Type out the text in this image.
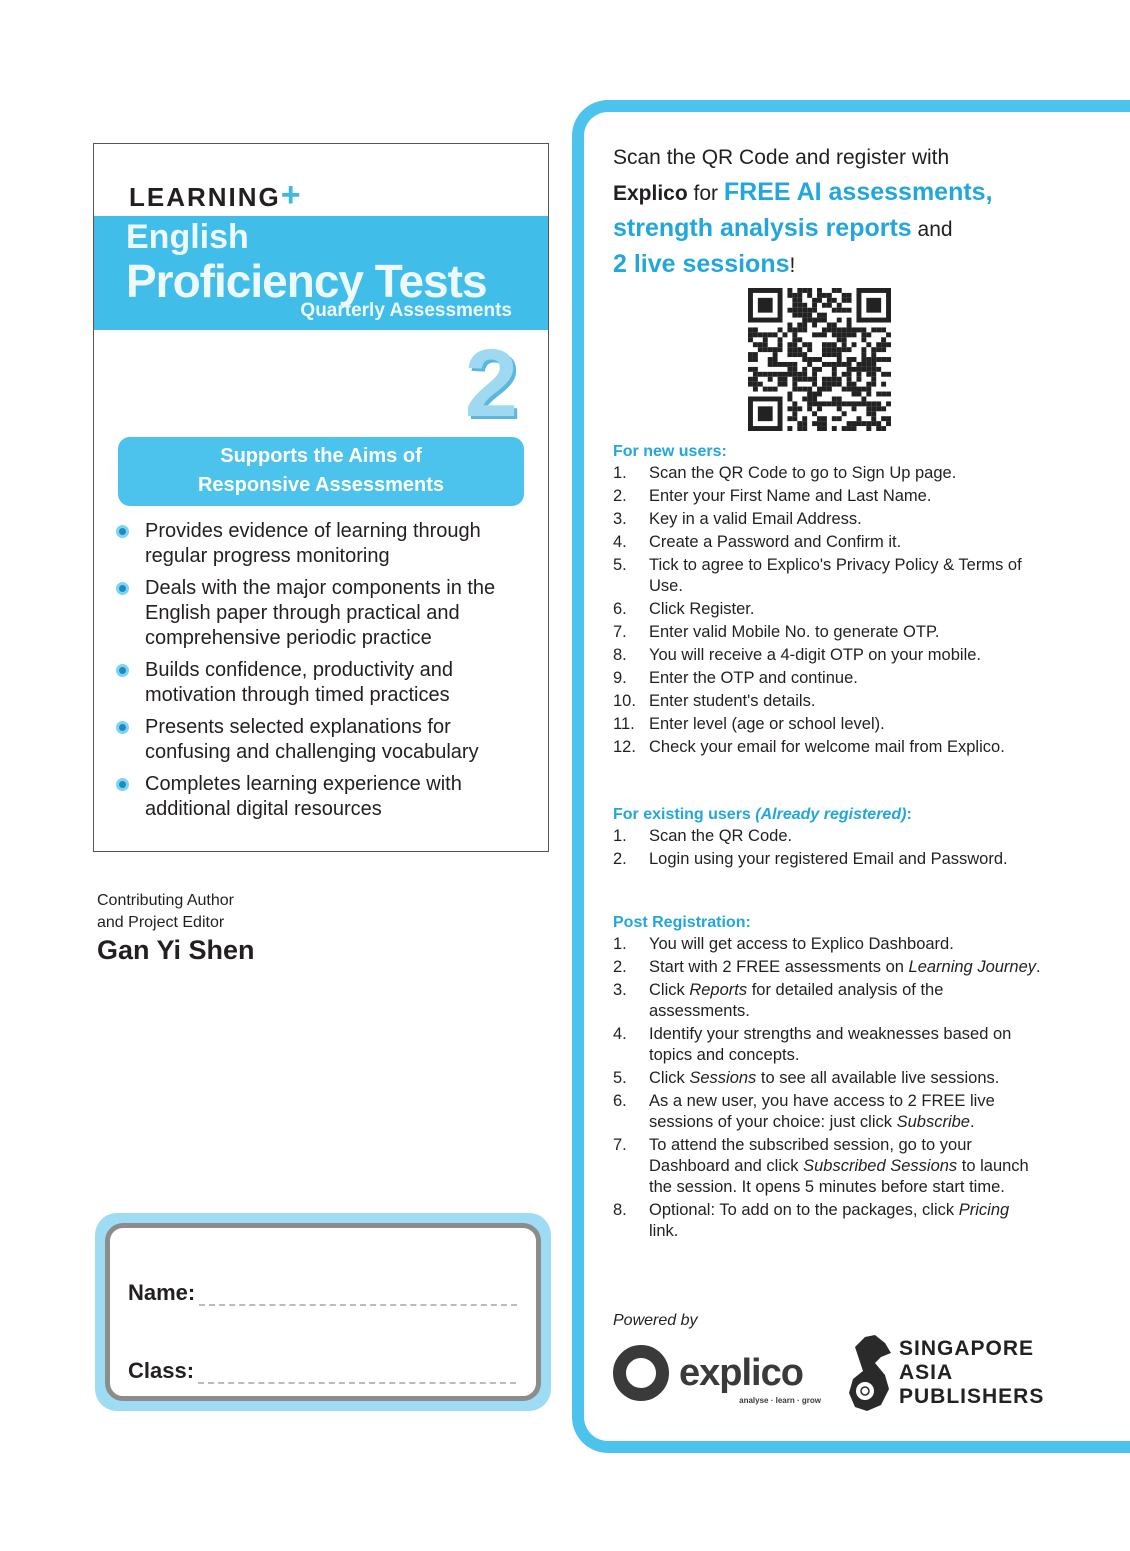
LEARNING+
English
Proficiency Tests
Quarterly Assessments
2
Supports the Aims of
Responsive Assessments
Provides evidence of learning through regular progress monitoring
Deals with the major components in the English paper through practical and comprehensive periodic practice
Builds confidence, productivity and motivation through timed practices
Presents selected explanations for confusing and challenging vocabulary
Completes learning experience with additional digital resources
Contributing Author
and Project Editor
Gan Yi Shen
Name:
Class:
Scan the QR Code and register with
Explico for FREE AI assessments,
strength analysis reports and
2 live sessions!
For new users:
1. Scan the QR Code to go to Sign Up page.
2. Enter your First Name and Last Name.
3. Key in a valid Email Address.
4. Create a Password and Confirm it.
5. Tick to agree to Explico's Privacy Policy & Terms of Use.
6. Click Register.
7. Enter valid Mobile No. to generate OTP.
8. You will receive a 4-digit OTP on your mobile.
9. Enter the OTP and continue.
10. Enter student's details.
11. Enter level (age or school level).
12. Check your email for welcome mail from Explico.
For existing users (Already registered):
1. Scan the QR Code.
2. Login using your registered Email and Password.
Post Registration:
1. You will get access to Explico Dashboard.
2. Start with 2 FREE assessments on Learning Journey.
3. Click Reports for detailed analysis of the assessments.
4. Identify your strengths and weaknesses based on topics and concepts.
5. Click Sessions to see all available live sessions.
6. As a new user, you have access to 2 FREE live sessions of your choice: just click Subscribe.
7. To attend the subscribed session, go to your Dashboard and click Subscribed Sessions to launch the session. It opens 5 minutes before start time.
8. Optional: To add on to the packages, click Pricing link.
Powered by
explico
analyse · learn · grow
SINGAPORE
ASIA
PUBLISHERS
